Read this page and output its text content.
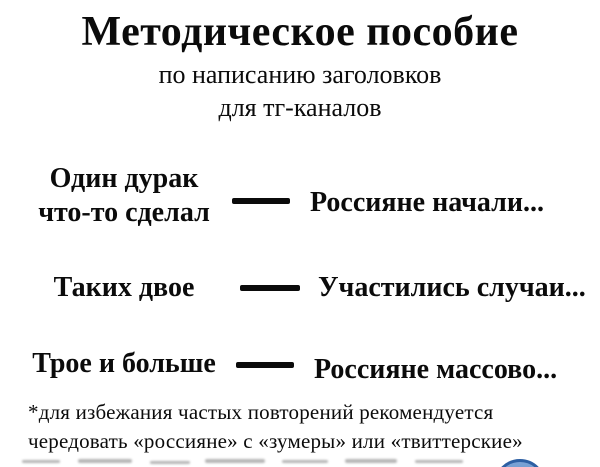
Методическое пособие
по написанию заголовков
для тг-каналов
Один дурак
что-то сделал	Россияне начали...
Таких двое	Участились случаи...
Трое и больше	Россияне массово...
*для избежания частых повторений рекомендуется
чередовать «россияне» с «зумеры» или «твиттерские»
